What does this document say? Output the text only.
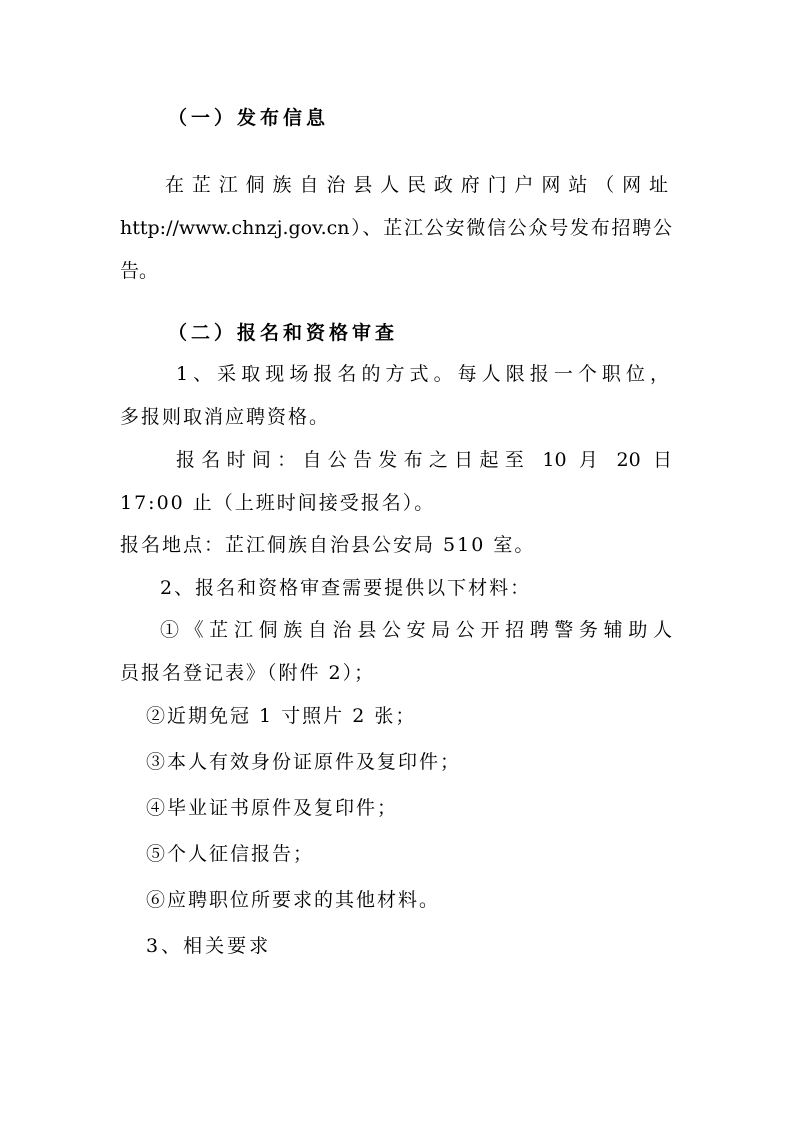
（一）发布信息
在芷江侗族自治县人民政府门户网站（网址
http://www.chnzj.gov.cn）、芷江公安微信公众号发布招聘公
告。
（二）报名和资格审查
1、采取现场报名的方式。每人限报一个职位，
多报则取消应聘资格。
报名时间：自公告发布之日起至 10 月 20 日
17:00 止（上班时间接受报名）。
报名地点：芷江侗族自治县公安局 510 室。
2、报名和资格审查需要提供以下材料：
①《芷江侗族自治县公安局公开招聘警务辅助人
员报名登记表》（附件 2）；
②近期免冠 1 寸照片 2 张；
③本人有效身份证原件及复印件；
④毕业证书原件及复印件；
⑤个人征信报告；
⑥应聘职位所要求的其他材料。
3、相关要求
